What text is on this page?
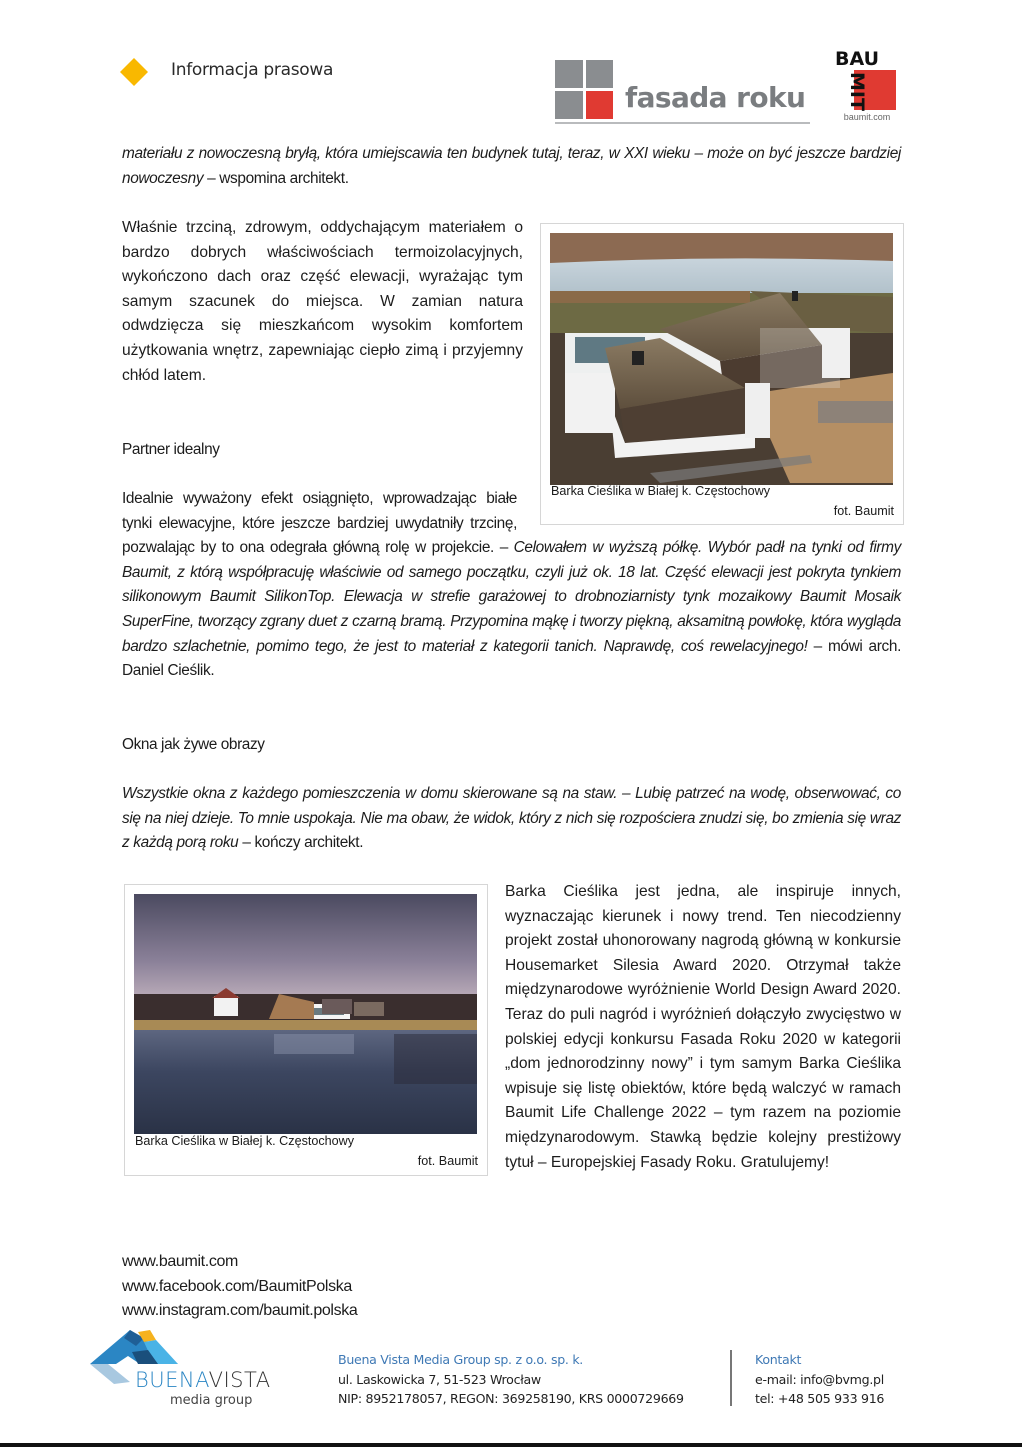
Informacja prasowa
fasada roku
BAU
MIT
baumit.com
materiału z nowoczesną bryłą, która umiejscawia ten budynek tutaj, teraz, w XXI wieku – może on być jeszcze bardziej nowoczesny – wspomina architekt.
Właśnie trzciną, zdrowym, oddychającym materiałem o bardzo dobrych właściwościach termoizolacyjnych, wykończono dach oraz część elewacji, wyrażając tym samym szacunek do miejsca. W zamian natura odwdzięcza się mieszkańcom wysokim komfortem użytkowania wnętrz, zapewniając ciepło zimą i przyjemny chłód latem.
Barka Cieślika w Białej k. Częstochowy
fot. Baumit
Partner idealny
Idealnie wyważony efekt osiągnięto, wprowadzając białe tynki elewacyjne, które jeszcze bardziej uwydatniły trzcinę, pozwalając by to ona odegrała główną rolę w projekcie. – Celowałem w wyższą półkę. Wybór padł na tynki od firmy Baumit, z którą współpracuję właściwie od samego początku, czyli już ok. 18 lat. Część elewacji jest pokryta tynkiem silikonowym Baumit SilikonTop. Elewacja w strefie garażowej to drobnoziarnisty tynk mozaikowy Baumit Mosaik SuperFine, tworzący zgrany duet z czarną bramą. Przypomina mąkę i tworzy piękną, aksamitną powłokę, która wygląda bardzo szlachetnie, pomimo tego, że jest to materiał z kategorii tanich. Naprawdę, coś rewelacyjnego! – mówi arch. Daniel Cieślik.
Okna jak żywe obrazy
Wszystkie okna z każdego pomieszczenia w domu skierowane są na staw. – Lubię patrzeć na wodę, obserwować, co się na niej dzieje. To mnie uspokaja. Nie ma obaw, że widok, który z nich się rozpościera znudzi się, bo zmienia się wraz z każdą porą roku – kończy architekt.
Barka Cieślika w Białej k. Częstochowy
fot. Baumit
Barka Cieślika jest jedna, ale inspiruje innych, wyznaczając kierunek i nowy trend. Ten niecodzienny projekt został uhonorowany nagrodą główną w konkursie Housemarket Silesia Award 2020. Otrzymał także międzynarodowe wyróżnienie World Design Award 2020. Teraz do puli nagród i wyróżnień dołączyło zwycięstwo w polskiej edycji konkursu Fasada Roku 2020 w kategorii „dom jednorodzinny nowy” i tym samym Barka Cieślika wpisuje się listę obiektów, które będą walczyć w ramach Baumit Life Challenge 2022 – tym razem na poziomie międzynarodowym. Stawką będzie kolejny prestiżowy tytuł – Europejskiej Fasady Roku. Gratulujemy!
www.baumit.com
www.facebook.com/BaumitPolska
www.instagram.com/baumit.polska
BUENAVISTA
media group
Buena Vista Media Group sp. z o.o. sp. k.
ul. Laskowicka 7, 51-523 Wrocław
NIP: 8952178057, REGON: 369258190, KRS 0000729669
Kontakt
e-mail: info@bvmg.pl
tel: +48 505 933 916
